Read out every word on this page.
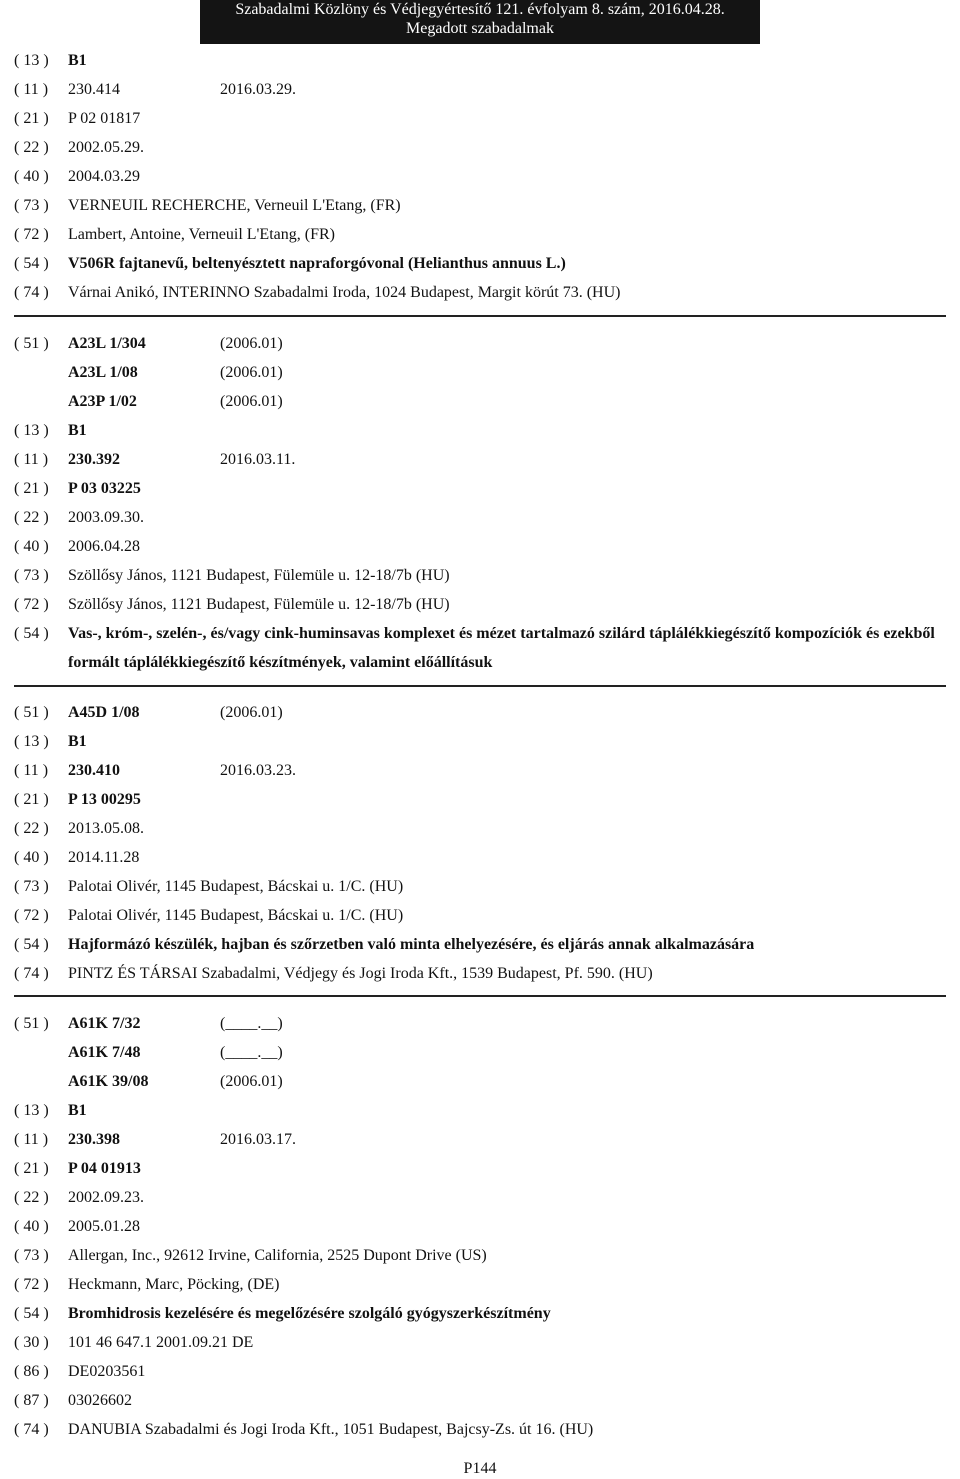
Szabadalmi Közlöny és Védjegyértesítő 121. évfolyam 8. szám, 2016.04.28.
Megadott szabadalmak
( 13 ) B1
( 11 ) 230.414	2016.03.29.
( 21 ) P 02 01817
( 22 ) 2002.05.29.
( 40 ) 2004.03.29
( 73 ) VERNEUIL RECHERCHE, Verneuil L'Etang, (FR)
( 72 ) Lambert, Antoine, Verneuil L'Etang, (FR)
( 54 ) V506R fajtanevű, beltenyésztett napraforgóvonal (Helianthus annuus L.)
( 74 ) Várnai Anikó, INTERINNO Szabadalmi Iroda, 1024 Budapest, Margit körút 73. (HU)
( 51 ) A23L 1/304	(2006.01)
A23L 1/08	(2006.01)
A23P 1/02	(2006.01)
( 13 ) B1
( 11 ) 230.392	2016.03.11.
( 21 ) P 03 03225
( 22 ) 2003.09.30.
( 40 ) 2006.04.28
( 73 ) Szöllősy János, 1121 Budapest, Fülemüle u. 12-18/7b (HU)
( 72 ) Szöllősy János, 1121 Budapest, Fülemüle u. 12-18/7b (HU)
( 54 ) Vas-, króm-, szelén-, és/vagy cink-huminsavas komplexet és mézet tartalmazó szilárd táplálékkiegészítő kompozíciók és ezekből formált táplálékkiegészítő készítmények, valamint előállításuk
( 51 ) A45D 1/08	(2006.01)
( 13 ) B1
( 11 ) 230.410	2016.03.23.
( 21 ) P 13 00295
( 22 ) 2013.05.08.
( 40 ) 2014.11.28
( 73 ) Palotai Olivér, 1145 Budapest, Bácskai u. 1/C. (HU)
( 72 ) Palotai Olivér, 1145 Budapest, Bácskai u. 1/C. (HU)
( 54 ) Hajformázó készülék, hajban és szőrzetben való minta elhelyezésére, és eljárás annak alkalmazására
( 74 ) PINTZ ÉS TÁRSAI Szabadalmi, Védjegy és Jogi Iroda Kft., 1539 Budapest, Pf. 590. (HU)
( 51 ) A61K 7/32	(____.__)
A61K 7/48	(____.__)
A61K 39/08	(2006.01)
( 13 ) B1
( 11 ) 230.398	2016.03.17.
( 21 ) P 04 01913
( 22 ) 2002.09.23.
( 40 ) 2005.01.28
( 73 ) Allergan, Inc., 92612 Irvine, California, 2525 Dupont Drive (US)
( 72 ) Heckmann, Marc, Pöcking, (DE)
( 54 ) Bromhidrosis kezelésére és megelőzésére szolgáló gyógyszerkészítmény
( 30 ) 101 46 647.1 2001.09.21 DE
( 86 ) DE0203561
( 87 ) 03026602
( 74 ) DANUBIA Szabadalmi és Jogi Iroda Kft., 1051 Budapest, Bajcsy-Zs. út 16. (HU)
P144
